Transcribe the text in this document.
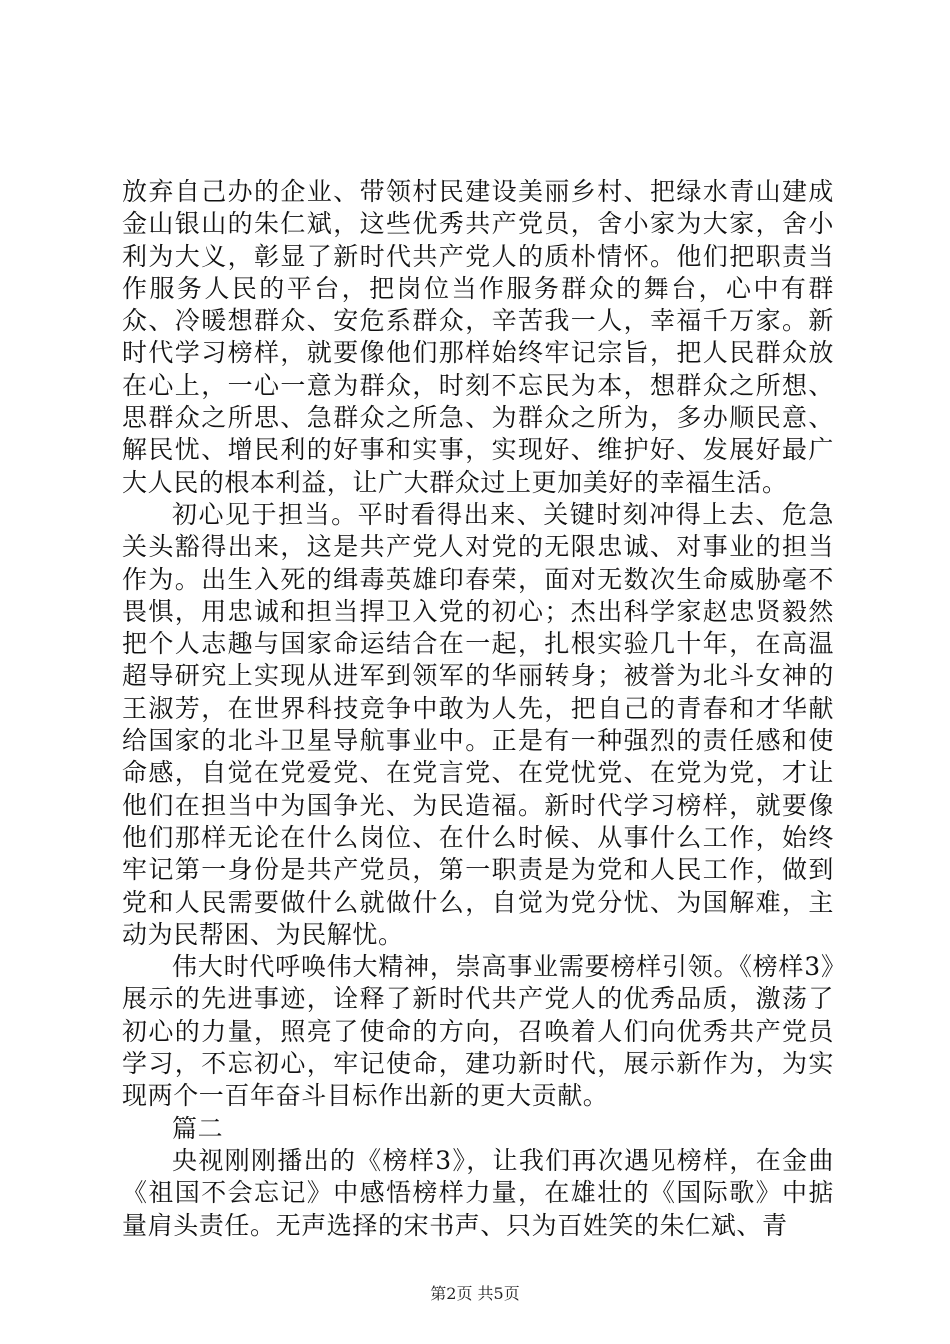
放弃自己办的企业、带领村民建设美丽乡村、把绿水青山建成金山银山的朱仁斌，这些优秀共产党员，舍小家为大家，舍小利为大义，彰显了新时代共产党人的质朴情怀。他们把职责当作服务人民的平台，把岗位当作服务群众的舞台，心中有群众、冷暖想群众、安危系群众，辛苦我一人，幸福千万家。新时代学习榜样，就要像他们那样始终牢记宗旨，把人民群众放在心上，一心一意为群众，时刻不忘民为本，想群众之所想、思群众之所思、急群众之所急、为群众之所为，多办顺民意、解民忧、增民利的好事和实事，实现好、维护好、发展好最广大人民的根本利益，让广大群众过上更加美好的幸福生活。

初心见于担当。平时看得出来、关键时刻冲得上去、危急关头豁得出来，这是共产党人对党的无限忠诚、对事业的担当作为。出生入死的缉毒英雄印春荣，面对无数次生命威胁毫不畏惧，用忠诚和担当捍卫入党的初心；杰出科学家赵忠贤毅然把个人志趣与国家命运结合在一起，扎根实验几十年，在高温超导研究上实现从进军到领军的华丽转身；被誉为北斗女神的王淑芳，在世界科技竞争中敢为人先，把自己的青春和才华献给国家的北斗卫星导航事业中。正是有一种强烈的责任感和使命感，自觉在党爱党、在党言党、在党忧党、在党为党，才让他们在担当中为国争光、为民造福。新时代学习榜样，就要像他们那样无论在什么岗位、在什么时候、从事什么工作，始终牢记第一身份是共产党员，第一职责是为党和人民工作，做到党和人民需要做什么就做什么，自觉为党分忧、为国解难，主动为民帮困、为民解忧。

伟大时代呼唤伟大精神，崇高事业需要榜样引领。《榜样3》展示的先进事迹，诠释了新时代共产党人的优秀品质，激荡了初心的力量，照亮了使命的方向，召唤着人们向优秀共产党员学习，不忘初心，牢记使命，建功新时代，展示新作为，为实现两个一百年奋斗目标作出新的更大贡献。

篇二

央视刚刚播出的《榜样3》，让我们再次遇见榜样，在金曲《祖国不会忘记》中感悟榜样力量，在雄壮的《国际歌》中掂量肩头责任。无声选择的宋书声、只为百姓笑的朱仁斌、青

第2页 共5页
